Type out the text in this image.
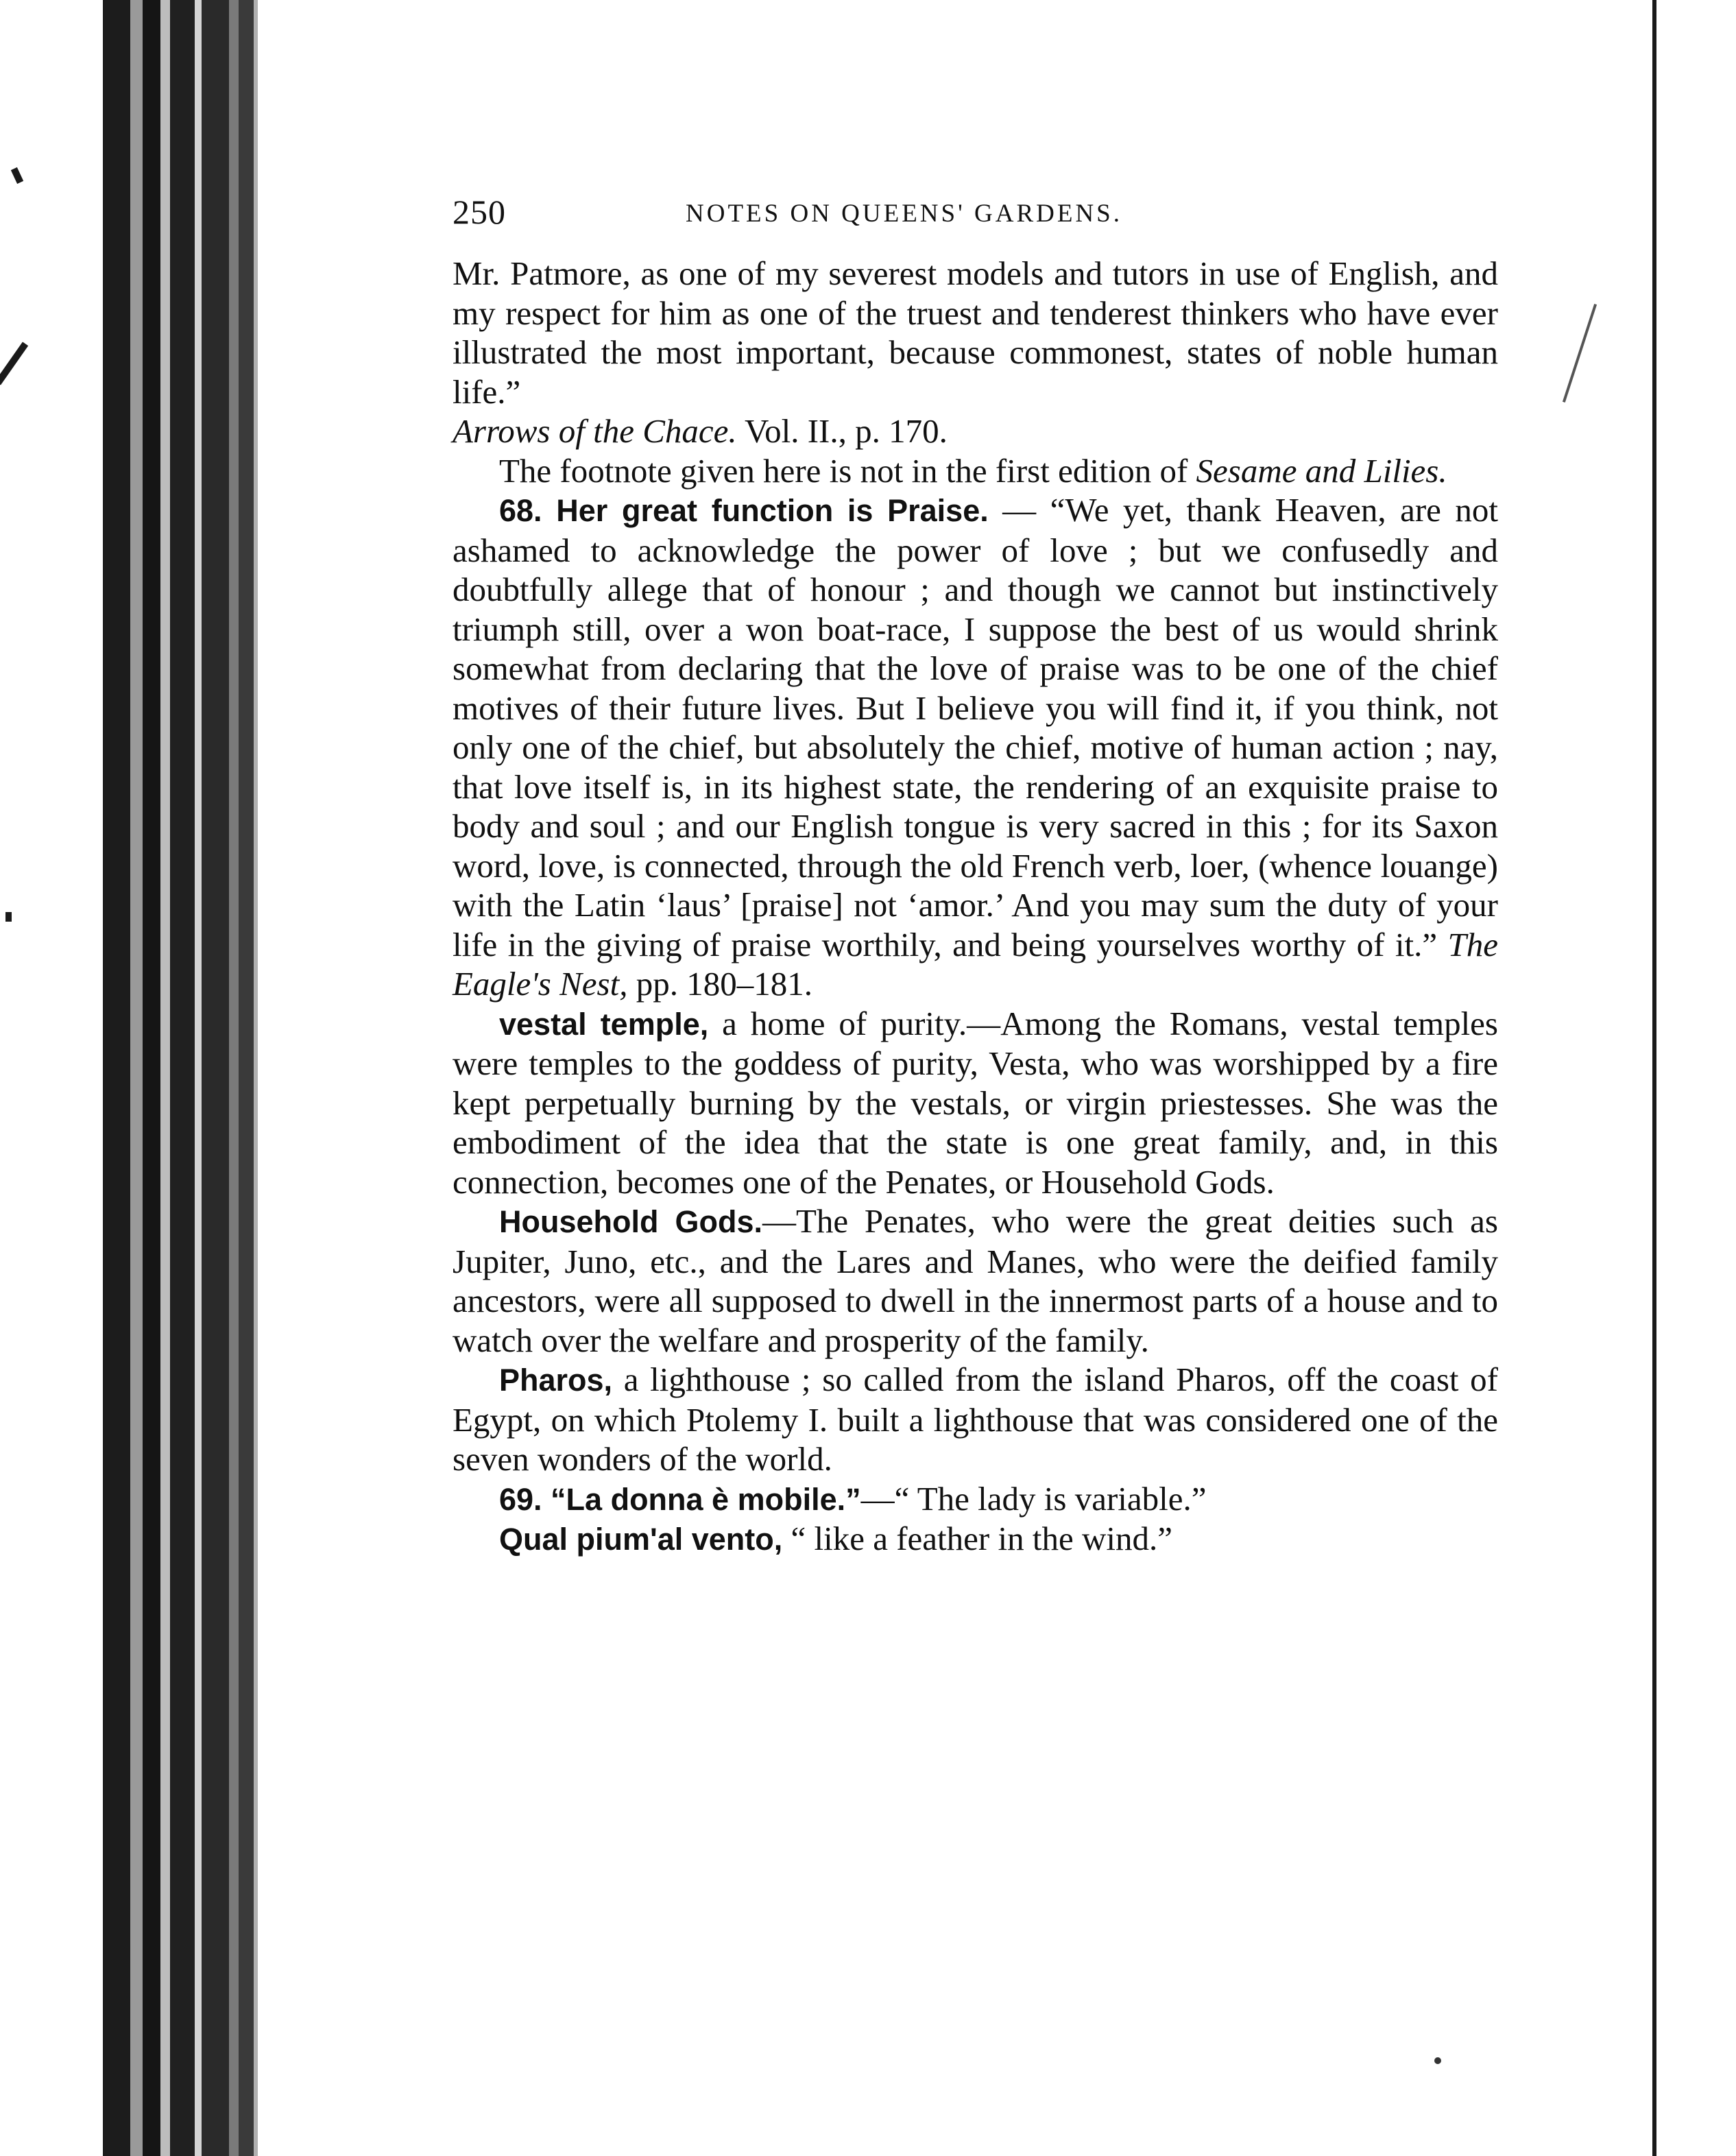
250	NOTES ON QUEENS' GARDENS.

Mr. Patmore, as one of my severest models and tutors in use of English, and my respect for him as one of the truest and tenderest thinkers who have ever illustrated the most important, because commonest, states of noble human life.”
Arrows of the Chace. Vol. II., p. 170.

The footnote given here is not in the first edition of Sesame and Lilies.

68. Her great function is Praise. — “We yet, thank Heaven, are not ashamed to acknowledge the power of love ; but we confusedly and doubtfully allege that of honour ; and though we cannot but instinctively triumph still, over a won boat-race, I suppose the best of us would shrink somewhat from declaring that the love of praise was to be one of the chief motives of their future lives. But I believe you will find it, if you think, not only one of the chief, but absolutely the chief, motive of human action ; nay, that love itself is, in its highest state, the rendering of an exquisite praise to body and soul ; and our English tongue is very sacred in this ; for its Saxon word, love, is connected, through the old French verb, loer, (whence louange) with the Latin ‘laus’ [praise] not ‘amor.’ And you may sum the duty of your life in the giving of praise worthily, and being yourselves worthy of it.” The Eagle's Nest, pp. 180–181.

vestal temple, a home of purity.—Among the Romans, vestal temples were temples to the goddess of purity, Vesta, who was worshipped by a fire kept perpetually burning by the vestals, or virgin priestesses. She was the embodiment of the idea that the state is one great family, and, in this connection, becomes one of the Penates, or Household Gods.

Household Gods.—The Penates, who were the great deities such as Jupiter, Juno, etc., and the Lares and Manes, who were the deified family ancestors, were all supposed to dwell in the innermost parts of a house and to watch over the welfare and prosperity of the family.

Pharos, a lighthouse ; so called from the island Pharos, off the coast of Egypt, on which Ptolemy I. built a lighthouse that was considered one of the seven wonders of the world.

69. “La donna è mobile.”—“ The lady is variable.”

Qual pium'al vento, “ like a feather in the wind.”
